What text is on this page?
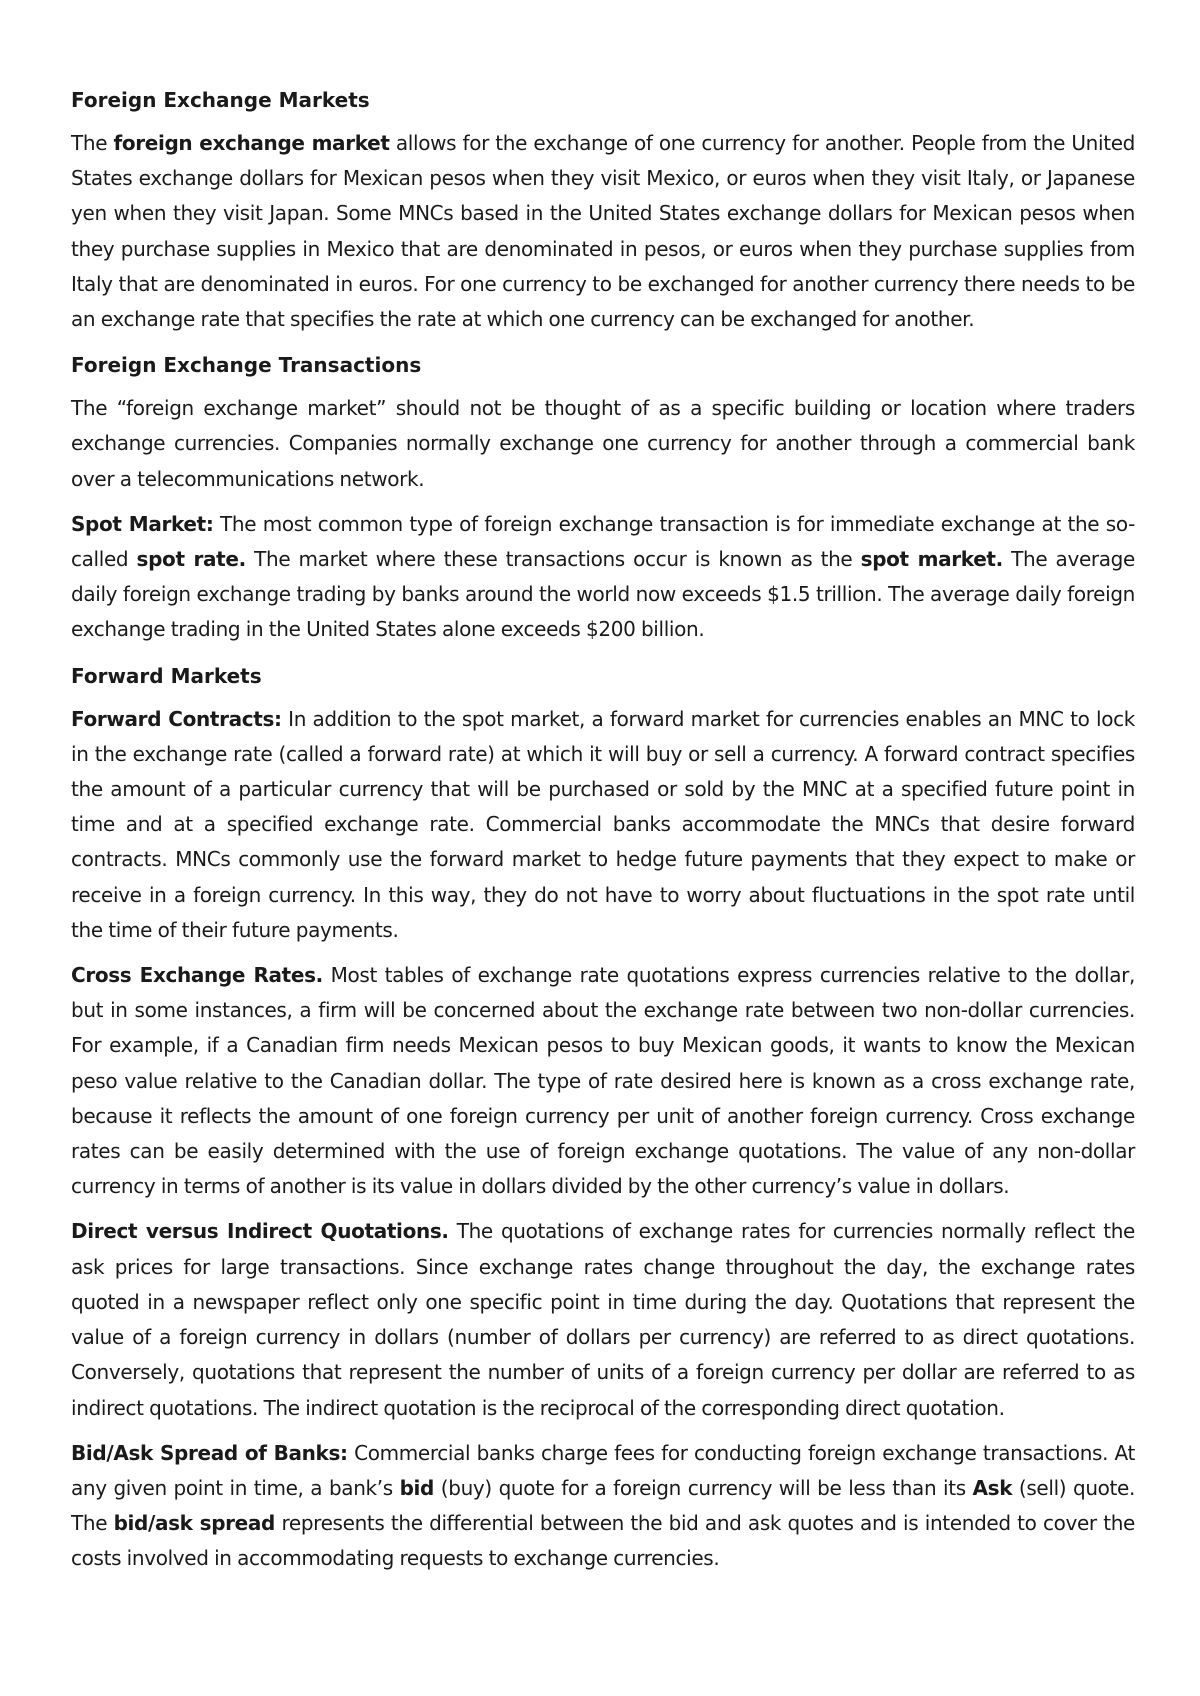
Foreign Exchange Markets

The foreign exchange market allows for the exchange of one currency for another. People from the United States exchange dollars for Mexican pesos when they visit Mexico, or euros when they visit Italy, or Japanese yen when they visit Japan. Some MNCs based in the United States exchange dollars for Mexican pesos when they purchase supplies in Mexico that are denominated in pesos, or euros when they purchase supplies from Italy that are denominated in euros. For one currency to be exchanged for another currency there needs to be an exchange rate that specifies the rate at which one currency can be exchanged for another.

Foreign Exchange Transactions

The “foreign exchange market” should not be thought of as a specific building or location where traders exchange currencies. Companies normally exchange one currency for another through a commercial bank over a telecommunications network.

Spot Market: The most common type of foreign exchange transaction is for immediate exchange at the so-called spot rate. The market where these transactions occur is known as the spot market. The average daily foreign exchange trading by banks around the world now exceeds $1.5 trillion. The average daily foreign exchange trading in the United States alone exceeds $200 billion.

Forward Markets

Forward Contracts: In addition to the spot market, a forward market for currencies enables an MNC to lock in the exchange rate (called a forward rate) at which it will buy or sell a currency. A forward contract specifies the amount of a particular currency that will be purchased or sold by the MNC at a specified future point in time and at a specified exchange rate. Commercial banks accommodate the MNCs that desire forward contracts. MNCs commonly use the forward market to hedge future payments that they expect to make or receive in a foreign currency. In this way, they do not have to worry about fluctuations in the spot rate until the time of their future payments.

Cross Exchange Rates. Most tables of exchange rate quotations express currencies relative to the dollar, but in some instances, a firm will be concerned about the exchange rate between two non-dollar currencies. For example, if a Canadian firm needs Mexican pesos to buy Mexican goods, it wants to know the Mexican peso value relative to the Canadian dollar. The type of rate desired here is known as a cross exchange rate, because it reflects the amount of one foreign currency per unit of another foreign currency. Cross exchange rates can be easily determined with the use of foreign exchange quotations. The value of any non-dollar currency in terms of another is its value in dollars divided by the other currency’s value in dollars.

Direct versus Indirect Quotations. The quotations of exchange rates for currencies normally reflect the ask prices for large transactions. Since exchange rates change throughout the day, the exchange rates quoted in a newspaper reflect only one specific point in time during the day. Quotations that represent the value of a foreign currency in dollars (number of dollars per currency) are referred to as direct quotations. Conversely, quotations that represent the number of units of a foreign currency per dollar are referred to as indirect quotations. The indirect quotation is the reciprocal of the corresponding direct quotation.

Bid/Ask Spread of Banks: Commercial banks charge fees for conducting foreign exchange transactions. At any given point in time, a bank’s bid (buy) quote for a foreign currency will be less than its Ask (sell) quote. The bid/ask spread represents the differential between the bid and ask quotes and is intended to cover the costs involved in accommodating requests to exchange currencies.
